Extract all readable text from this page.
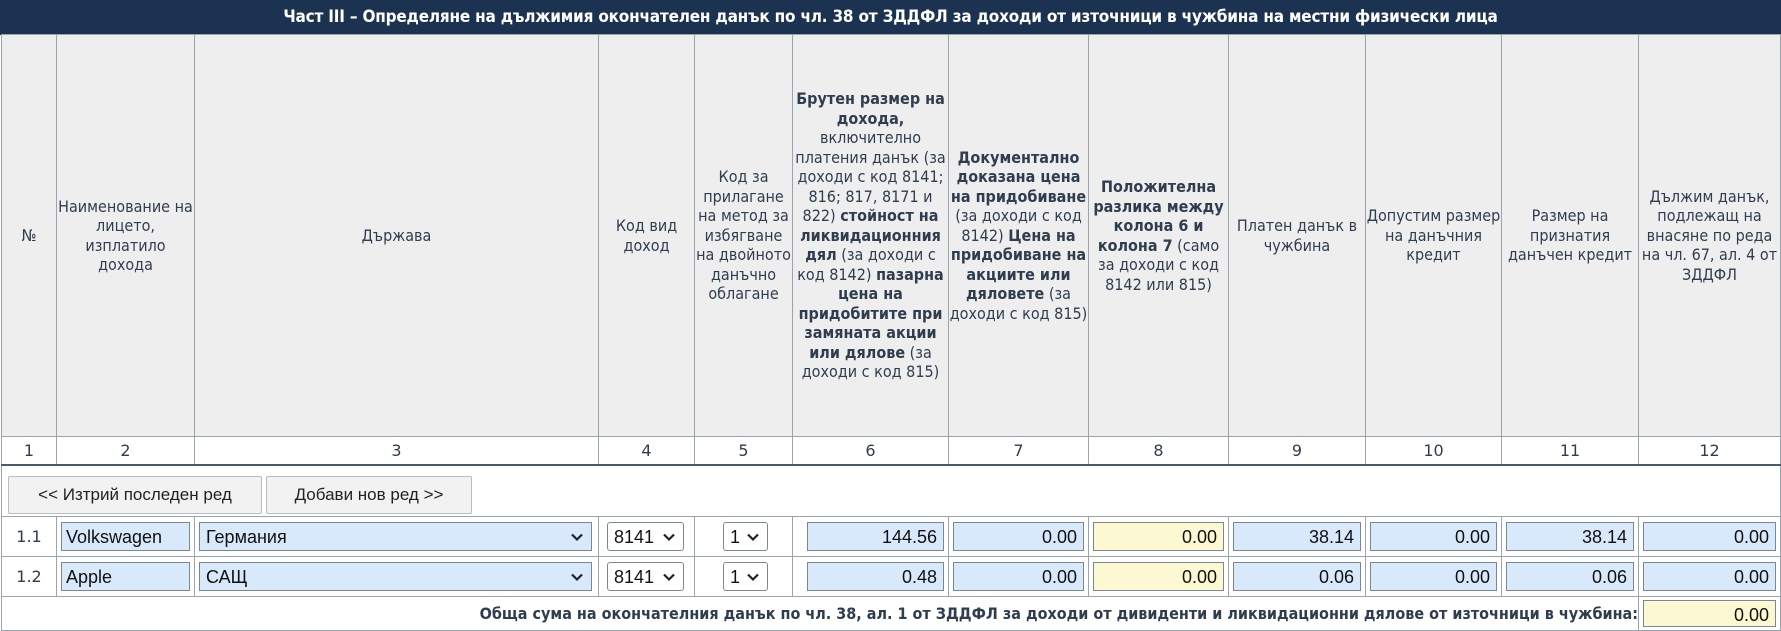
Част III – Определяне на дължимия окончателен данък по чл. 38 от ЗДДФЛ за доходи от източници в чужбина на местни физически лица
№	Наименование на лицето, изплатило дохода	Държава	Код вид доход	Код за прилагане на метод за избягване на двойното данъчно облагане	Брутен размер на дохода, включително платения данък (за доходи с код 8141; 816; 817, 8171 и 822) стойност на ликвидационния дял (за доходи с код 8142) пазарна цена на придобитите при замяната акции или дялове (за доходи с код 815)	Документално доказана цена на придобиване (за доходи с код 8142) Цена на придобиване на акциите или дяловете (за доходи с код 815)	Положителна разлика между колона 6 и колона 7 (само за доходи с код 8142 или 815)	Платен данък в чужбина	Допустим размер на данъчния кредит	Размер на признатия данъчен кредит	Дължим данък, подлежащ на внасяне по реда на чл. 67, ал. 4 от ЗДДФЛ
1	2	3	4	5	6	7	8	9	10	11	12

1.1	Volkswagen	Германия	8141	1	144.56	0.00	0.00	38.14	0.00	38.14	0.00

1.2	Apple	САЩ	8141	1	0.48	0.00	0.00	0.06	0.00	0.06	0.00

Обща сума на окончателния данък по чл. 38, ал. 1 от ЗДДФЛ за доходи от дивиденти и ликвидационни дялове от източници в чужбина:											0.00
<< Изтрий последен ред	Добави нов ред >>
